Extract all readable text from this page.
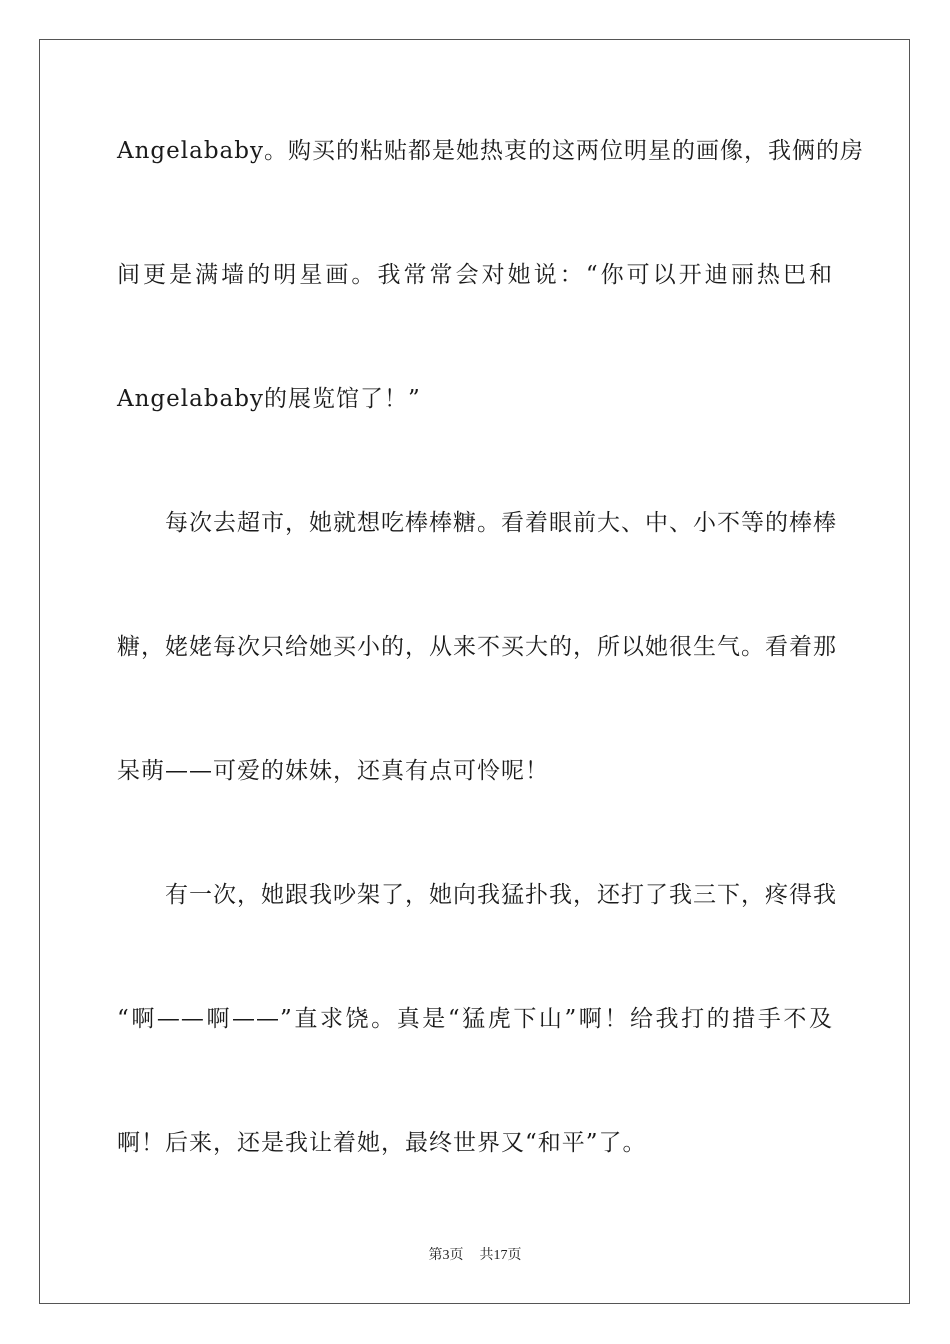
Angelababy。购买的粘贴都是她热衷的这两位明星的画像，我俩的房
间更是满墙的明星画。我常常会对她说：“你可以开迪丽热巴和
Angelababy的展览馆了！”
　　每次去超市，她就想吃棒棒糖。看着眼前大、中、小不等的棒棒
糖，姥姥每次只给她买小的，从来不买大的，所以她很生气。看着那
呆萌——可爱的妹妹，还真有点可怜呢！
　　有一次，她跟我吵架了，她向我猛扑我，还打了我三下，疼得我
“啊——啊——”直求饶。真是“猛虎下山”啊！给我打的措手不及
啊！后来，还是我让着她，最终世界又“和平”了。
第3页 共17页
